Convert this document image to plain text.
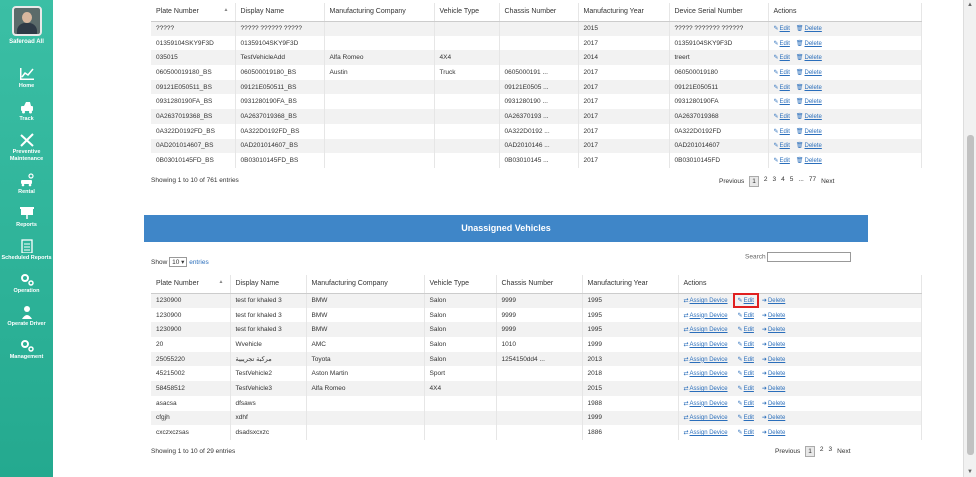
Saferoad All
Home
Track
Preventive Maintenance
Rental
Reports
Scheduled Reports
Operation
Operate Driver
Management
Plate Number ▲	Display Name	Manufacturing Company	Vehicle Type	Chassis Number	Manufacturing Year	Device Serial Number	Actions
?????	????? ?????? ?????				2015	????? ??????? ??????	✎Edit 🗑Delete
01359104SKY9F3D	01359104SKY9F3D				2017	01359104SKY9F3D	✎Edit 🗑Delete
035015	TestVehicleAdd	Alfa Romeo	4X4		2014	treert	✎Edit 🗑Delete
060500019180_BS	060500019180_BS	Austin	Truck	0605000191 ...	2017	060500019180	✎Edit 🗑Delete
09121E050511_BS	09121E050511_BS			09121E0505 ...	2017	09121E050511	✎Edit 🗑Delete
0931280190FA_BS	0931280190FA_BS			0931280190 ...	2017	0931280190FA	✎Edit 🗑Delete
0A2637019368_BS	0A2637019368_BS			0A26370193 ...	2017	0A2637019368	✎Edit 🗑Delete
0A322D0192FD_BS	0A322D0192FD_BS			0A322D0192 ...	2017	0A322D0192FD	✎Edit 🗑Delete
0AD201014607_BS	0AD201014607_BS			0AD2010146 ...	2017	0AD201014607	✎Edit 🗑Delete
0B03010145FD_BS	0B03010145FD_BS			0B03010145 ...	2017	0B03010145FD	✎Edit 🗑Delete
Showing 1 to 10 of 761 entries	Previous	1	2 3 4 5 ... 77 Next
Unassigned Vehicles
Show 10 ▾ entries
Search
Plate Number ▲	Display Name	Manufacturing Company	Vehicle Type	Chassis Number	Manufacturing Year	Actions
1230900	test for khaled 3	BMW	Salon	9999	1995	⇄Assign Device ✎Edit ➜Delete
1230900	test for khaled 3	BMW	Salon	9999	1995	⇄Assign Device ✎Edit ➜Delete
1230900	test for khaled 3	BMW	Salon	9999	1995	⇄Assign Device ✎Edit ➜Delete
20	Wvehicle	AMC	Salon	1010	1999	⇄Assign Device ✎Edit ➜Delete
25055220	مركبة تجريبية	Toyota	Salon	1254150dd4 ...	2013	⇄Assign Device ✎Edit ➜Delete
45215002	TestVehicle2	Aston Martin	Sport		2018	⇄Assign Device ✎Edit ➜Delete
58458512	TestVehicle3	Alfa Romeo	4X4		2015	⇄Assign Device ✎Edit ➜Delete
asacsa	dfsaws				1988	⇄Assign Device ✎Edit ➜Delete
cfgjh	xdhf				1999	⇄Assign Device ✎Edit ➜Delete
cxczxczsas	dsadsxcxzc				1886	⇄Assign Device ✎Edit ➜Delete
Showing 1 to 10 of 29 entries	Previous	1	2 3 Next
▲
▼
